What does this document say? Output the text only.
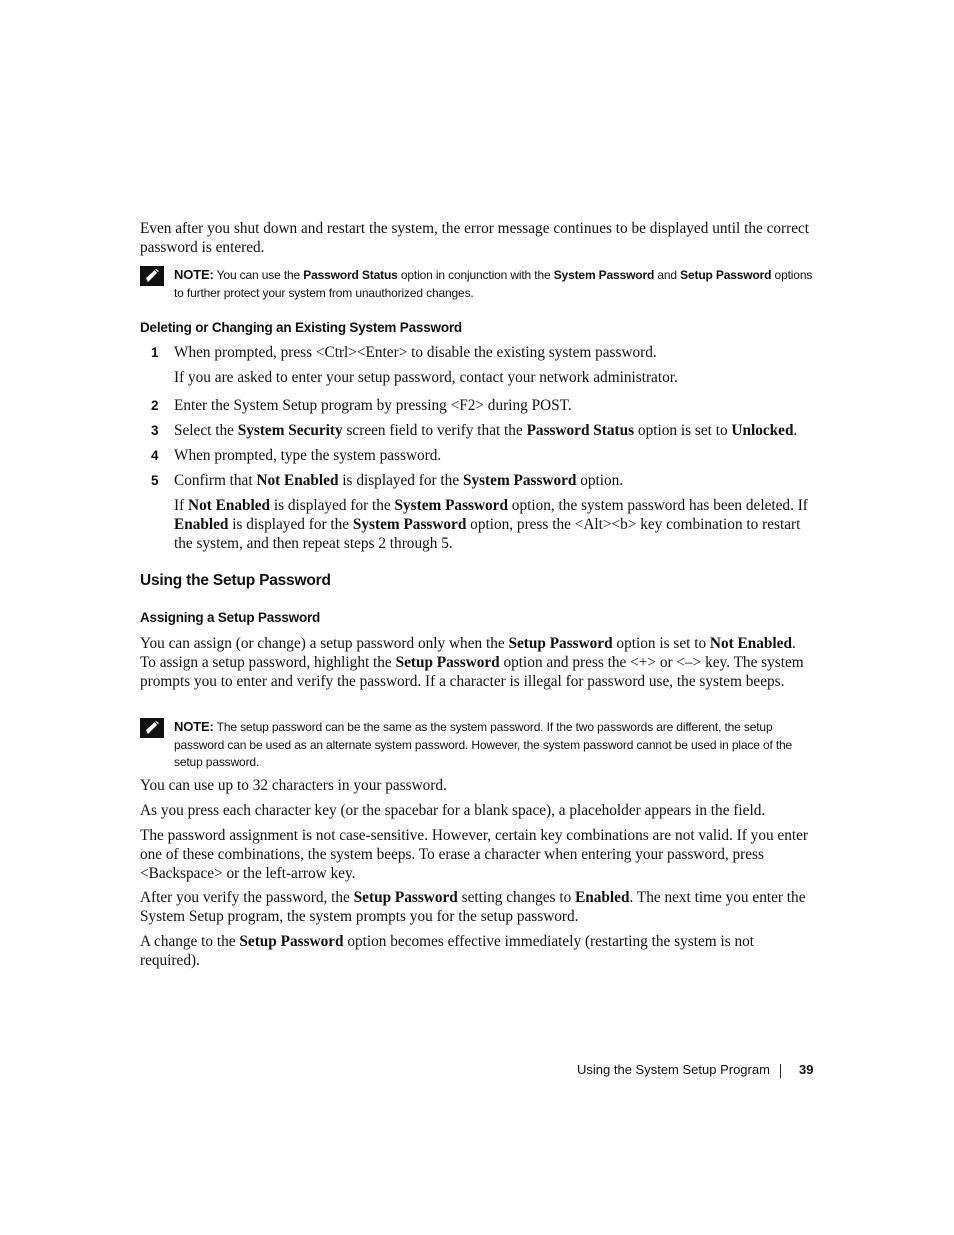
Even after you shut down and restart the system, the error message continues to be displayed until the correct password is entered.

NOTE: You can use the Password Status option in conjunction with the System Password and Setup Password options to further protect your system from unauthorized changes.
Deleting or Changing an Existing System Password
1 When prompted, press <Ctrl><Enter> to disable the existing system password.

If you are asked to enter your setup password, contact your network administrator.

2 Enter the System Setup program by pressing <F2> during POST.

3 Select the System Security screen field to verify that the Password Status option is set to Unlocked.

4 When prompted, type the system password.

5 Confirm that Not Enabled is displayed for the System Password option.

If Not Enabled is displayed for the System Password option, the system password has been deleted. If Enabled is displayed for the System Password option, press the <Alt><b> key combination to restart the system, and then repeat steps 2 through 5.

Using the Setup Password
Assigning a Setup Password

You can assign (or change) a setup password only when the Setup Password option is set to Not Enabled. To assign a setup password, highlight the Setup Password option and press the <+> or <–> key. The system prompts you to enter and verify the password. If a character is illegal for password use, the system beeps.

NOTE: The setup password can be the same as the system password. If the two passwords are different, the setup password can be used as an alternate system password. However, the system password cannot be used in place of the setup password.

You can use up to 32 characters in your password.

As you press each character key (or the spacebar for a blank space), a placeholder appears in the field.

The password assignment is not case-sensitive. However, certain key combinations are not valid. If you enter one of these combinations, the system beeps. To erase a character when entering your password, press <Backspace> or the left-arrow key.

After you verify the password, the Setup Password setting changes to Enabled. The next time you enter the System Setup program, the system prompts you for the setup password.

A change to the Setup Password option becomes effective immediately (restarting the system is not required).

Using the System Setup Program 39
